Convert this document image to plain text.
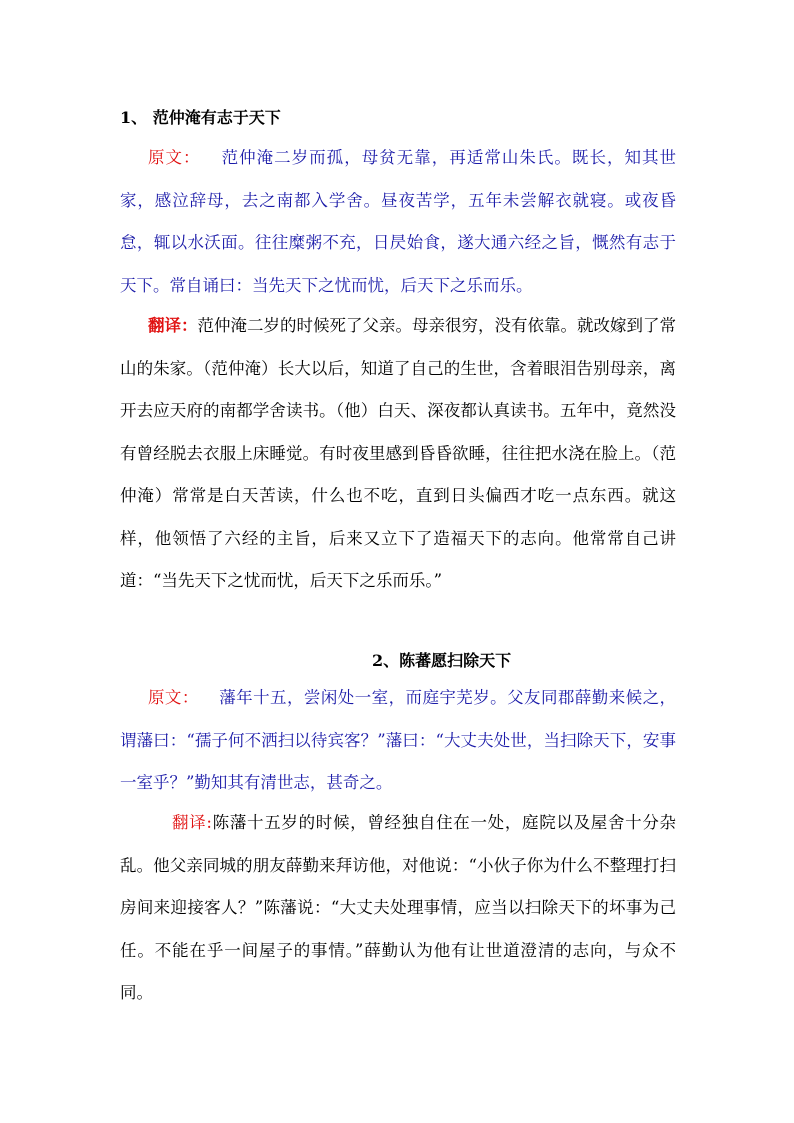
1、 范仲淹有志于天下

原文： 范仲淹二岁而孤，母贫无靠，再适常山朱氏。既长，知其世家，感泣辞母，去之南都入学舍。昼夜苦学，五年未尝解衣就寝。或夜昏怠，辄以水沃面。往往糜粥不充，日昃始食，遂大通六经之旨，慨然有志于天下。常自诵曰：当先天下之忧而忧，后天下之乐而乐。

翻译：范仲淹二岁的时候死了父亲。母亲很穷，没有依靠。就改嫁到了常山的朱家。（范仲淹）长大以后，知道了自己的生世，含着眼泪告别母亲，离开去应天府的南都学舍读书。（他）白天、深夜都认真读书。五年中，竟然没有曾经脱去衣服上床睡觉。有时夜里感到昏昏欲睡，往往把水浇在脸上。（范仲淹）常常是白天苦读，什么也不吃，直到日头偏西才吃一点东西。就这样，他领悟了六经的主旨，后来又立下了造福天下的志向。他常常自己讲道：“当先天下之忧而忧，后天下之乐而乐。”

2、陈蕃愿扫除天下

原文： 藩年十五，尝闲处一室，而庭宇芜岁。父友同郡薛勤来候之，谓藩曰：“孺子何不洒扫以待宾客？”藩曰：“大丈夫处世，当扫除天下，安事一室乎？”勤知其有清世志，甚奇之。

翻译:陈藩十五岁的时候，曾经独自住在一处，庭院以及屋舍十分杂乱。他父亲同城的朋友薛勤来拜访他，对他说：“小伙子你为什么不整理打扫房间来迎接客人？”陈藩说：“大丈夫处理事情，应当以扫除天下的坏事为己任。不能在乎一间屋子的事情。”薛勤认为他有让世道澄清的志向，与众不同。
